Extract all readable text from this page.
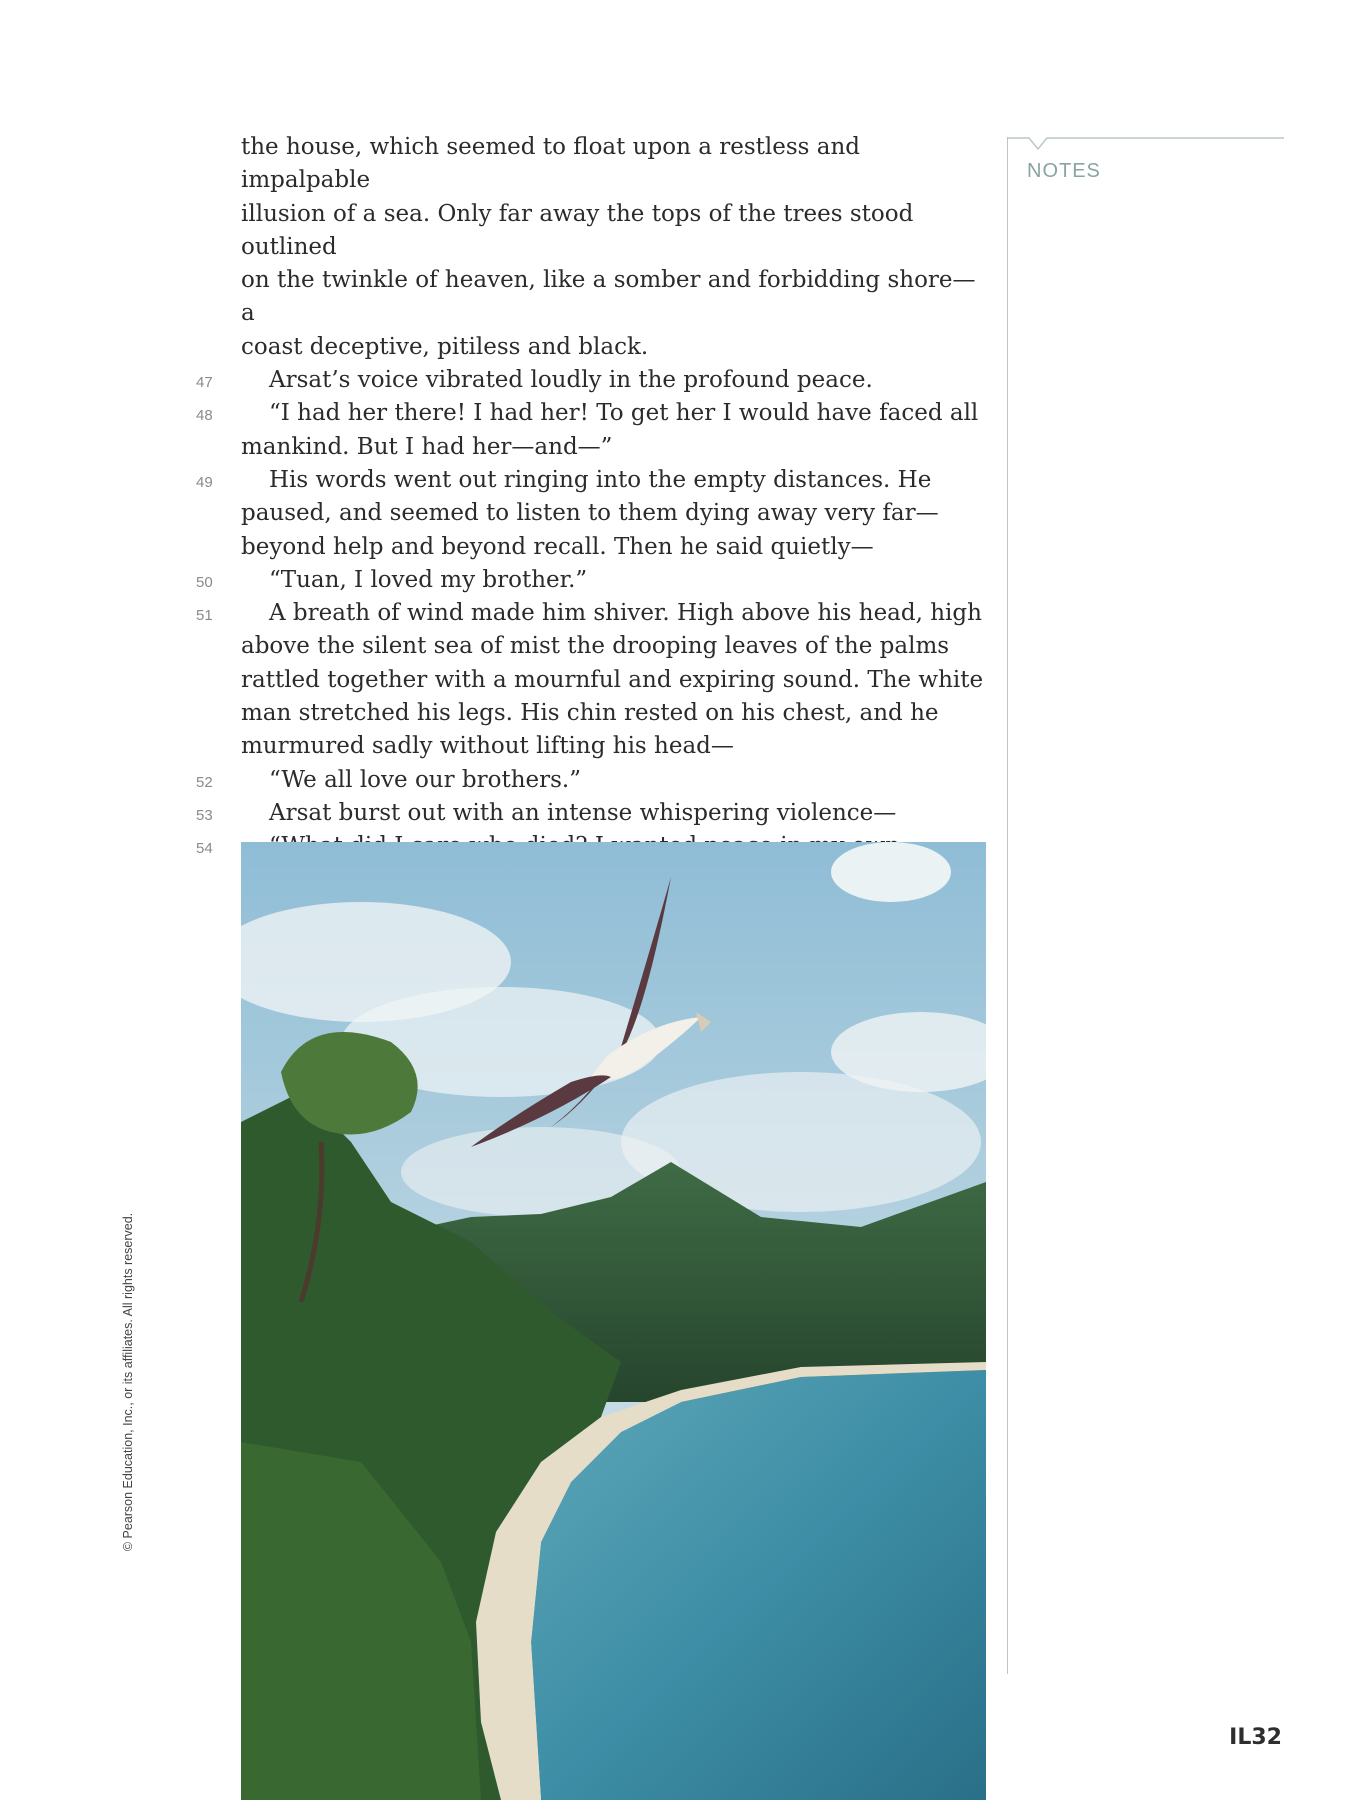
the house, which seemed to float upon a restless and impalpable
illusion of a sea. Only far away the tops of the trees stood outlined
on the twinkle of heaven, like a somber and forbidding shore—a
coast deceptive, pitiless and black.
47	Arsat’s voice vibrated loudly in the profound peace.
48	“I had her there! I had her! To get her I would have faced all
mankind. But I had her—and—”
49	His words went out ringing into the empty distances. He
paused, and seemed to listen to them dying away very far—
beyond help and beyond recall. Then he said quietly—
50	“Tuan, I loved my brother.”
51	A breath of wind made him shiver. High above his head, high
above the silent sea of mist the drooping leaves of the palms
rattled together with a mournful and expiring sound. The white
man stretched his legs. His chin rested on his chest, and he
murmured sadly without lifting his head—
52	“We all love our brothers.”
53	Arsat burst out with an intense whispering violence—
54
NOTES
© Pearson Education, Inc., or its affiliates. All rights reserved.
IL32
